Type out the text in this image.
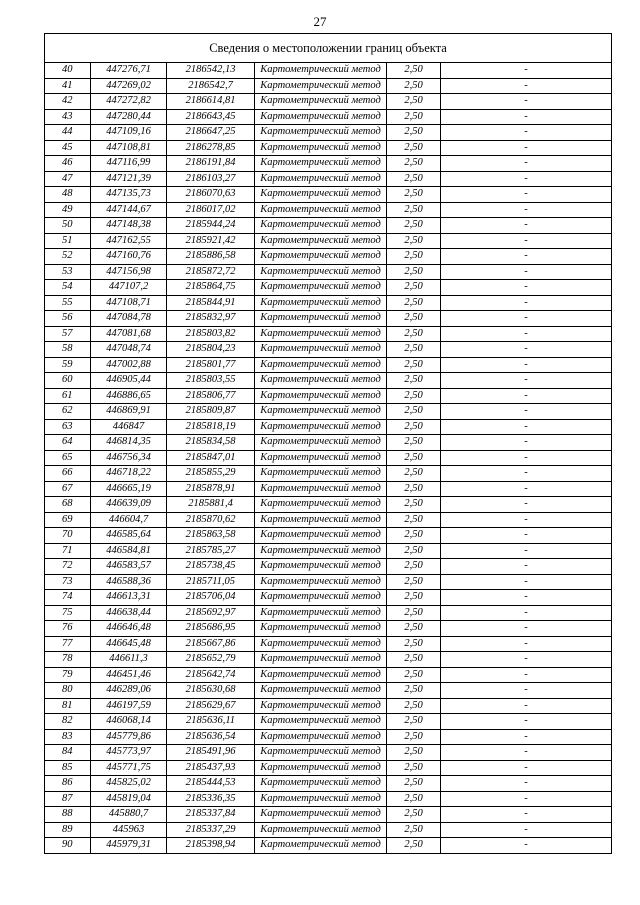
27
Сведения о местоположении границ объекта					
40	447276,71	2186542,13	Картометрический метод	2,50	-
41	447269,02	2186542,7	Картометрический метод	2,50	-
42	447272,82	2186614,81	Картометрический метод	2,50	-
43	447280,44	2186643,45	Картометрический метод	2,50	-
44	447109,16	2186647,25	Картометрический метод	2,50	-
45	447108,81	2186278,85	Картометрический метод	2,50	-
46	447116,99	2186191,84	Картометрический метод	2,50	-
47	447121,39	2186103,27	Картометрический метод	2,50	-
48	447135,73	2186070,63	Картометрический метод	2,50	-
49	447144,67	2186017,02	Картометрический метод	2,50	-
50	447148,38	2185944,24	Картометрический метод	2,50	-
51	447162,55	2185921,42	Картометрический метод	2,50	-
52	447160,76	2185886,58	Картометрический метод	2,50	-
53	447156,98	2185872,72	Картометрический метод	2,50	-
54	447107,2	2185864,75	Картометрический метод	2,50	-
55	447108,71	2185844,91	Картометрический метод	2,50	-
56	447084,78	2185832,97	Картометрический метод	2,50	-
57	447081,68	2185803,82	Картометрический метод	2,50	-
58	447048,74	2185804,23	Картометрический метод	2,50	-
59	447002,88	2185801,77	Картометрический метод	2,50	-
60	446905,44	2185803,55	Картометрический метод	2,50	-
61	446886,65	2185806,77	Картометрический метод	2,50	-
62	446869,91	2185809,87	Картометрический метод	2,50	-
63	446847	2185818,19	Картометрический метод	2,50	-
64	446814,35	2185834,58	Картометрический метод	2,50	-
65	446756,34	2185847,01	Картометрический метод	2,50	-
66	446718,22	2185855,29	Картометрический метод	2,50	-
67	446665,19	2185878,91	Картометрический метод	2,50	-
68	446639,09	2185881,4	Картометрический метод	2,50	-
69	446604,7	2185870,62	Картометрический метод	2,50	-
70	446585,64	2185863,58	Картометрический метод	2,50	-
71	446584,81	2185785,27	Картометрический метод	2,50	-
72	446583,57	2185738,45	Картометрический метод	2,50	-
73	446588,36	2185711,05	Картометрический метод	2,50	-
74	446613,31	2185706,04	Картометрический метод	2,50	-
75	446638,44	2185692,97	Картометрический метод	2,50	-
76	446646,48	2185686,95	Картометрический метод	2,50	-
77	446645,48	2185667,86	Картометрический метод	2,50	-
78	446611,3	2185652,79	Картометрический метод	2,50	-
79	446451,46	2185642,74	Картометрический метод	2,50	-
80	446289,06	2185630,68	Картометрический метод	2,50	-
81	446197,59	2185629,67	Картометрический метод	2,50	-
82	446068,14	2185636,11	Картометрический метод	2,50	-
83	445779,86	2185636,54	Картометрический метод	2,50	-
84	445773,97	2185491,96	Картометрический метод	2,50	-
85	445771,75	2185437,93	Картометрический метод	2,50	-
86	445825,02	2185444,53	Картометрический метод	2,50	-
87	445819,04	2185336,35	Картометрический метод	2,50	-
88	445880,7	2185337,84	Картометрический метод	2,50	-
89	445963	2185337,29	Картометрический метод	2,50	-
90	445979,31	2185398,94	Картометрический метод	2,50	-
